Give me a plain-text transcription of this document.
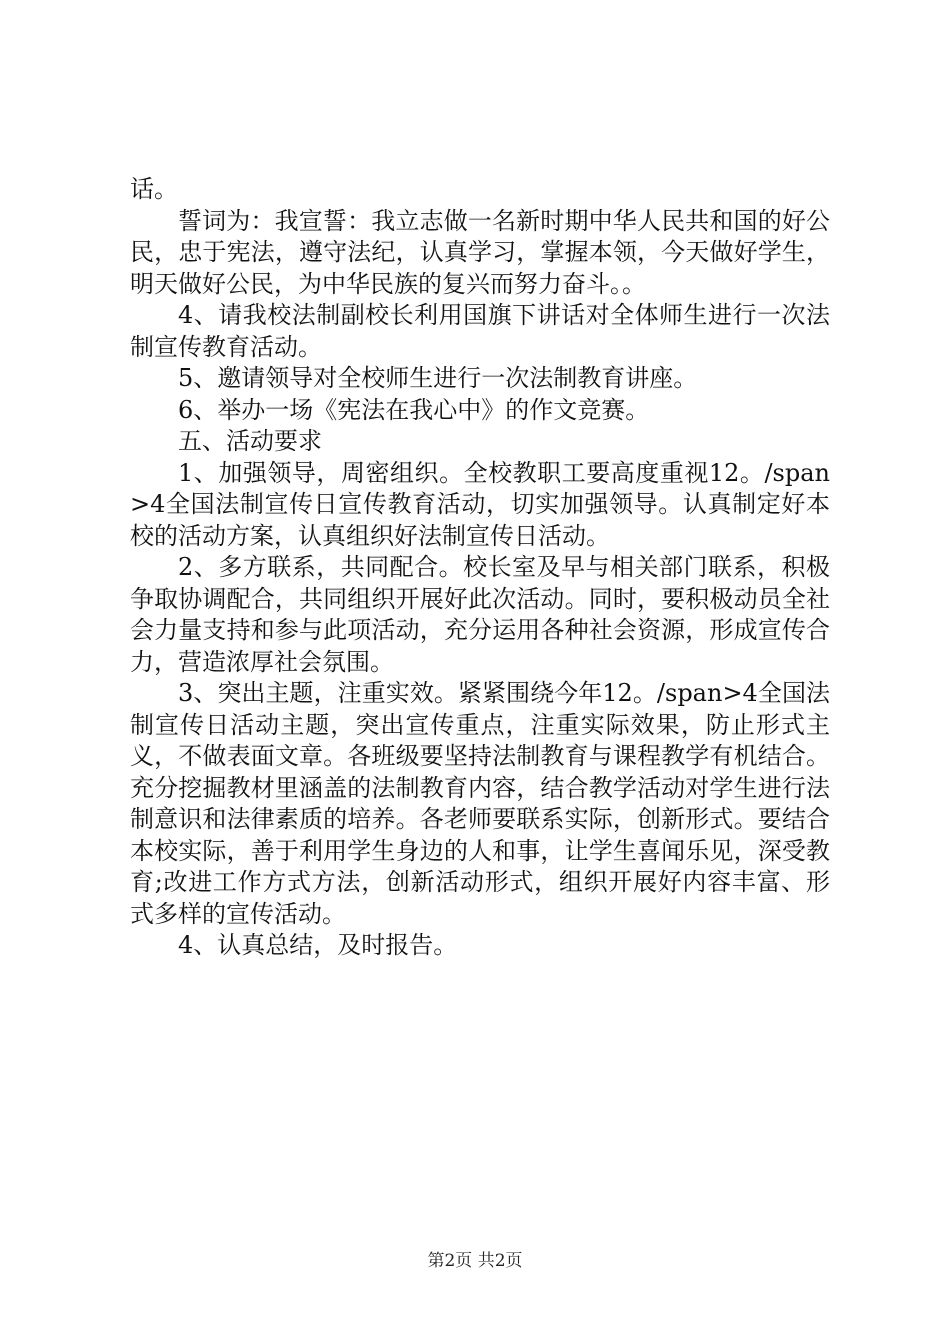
话。

誓词为：我宣誓：我立志做一名新时期中华人民共和国的好公民，忠于宪法，遵守法纪，认真学习，掌握本领，今天做好学生，明天做好公民，为中华民族的复兴而努力奋斗。。

4、请我校法制副校长利用国旗下讲话对全体师生进行一次法制宣传教育活动。

5、邀请领导对全校师生进行一次法制教育讲座。

6、举办一场《宪法在我心中》的作文竞赛。

五、活动要求

1、加强领导，周密组织。全校教职工要高度重视12。/span>4全国法制宣传日宣传教育活动，切实加强领导。认真制定好本校的活动方案，认真组织好法制宣传日活动。

2、多方联系，共同配合。校长室及早与相关部门联系，积极争取协调配合，共同组织开展好此次活动。同时，要积极动员全社会力量支持和参与此项活动，充分运用各种社会资源，形成宣传合力，营造浓厚社会氛围。

3、突出主题，注重实效。紧紧围绕今年12。/span>4全国法制宣传日活动主题，突出宣传重点，注重实际效果，防止形式主义，不做表面文章。各班级要坚持法制教育与课程教学有机结合。充分挖掘教材里涵盖的法制教育内容，结合教学活动对学生进行法制意识和法律素质的培养。各老师要联系实际，创新形式。要结合本校实际，善于利用学生身边的人和事，让学生喜闻乐见，深受教育;改进工作方式方法，创新活动形式，组织开展好内容丰富、形式多样的宣传活动。

4、认真总结，及时报告。

第2页 共2页
